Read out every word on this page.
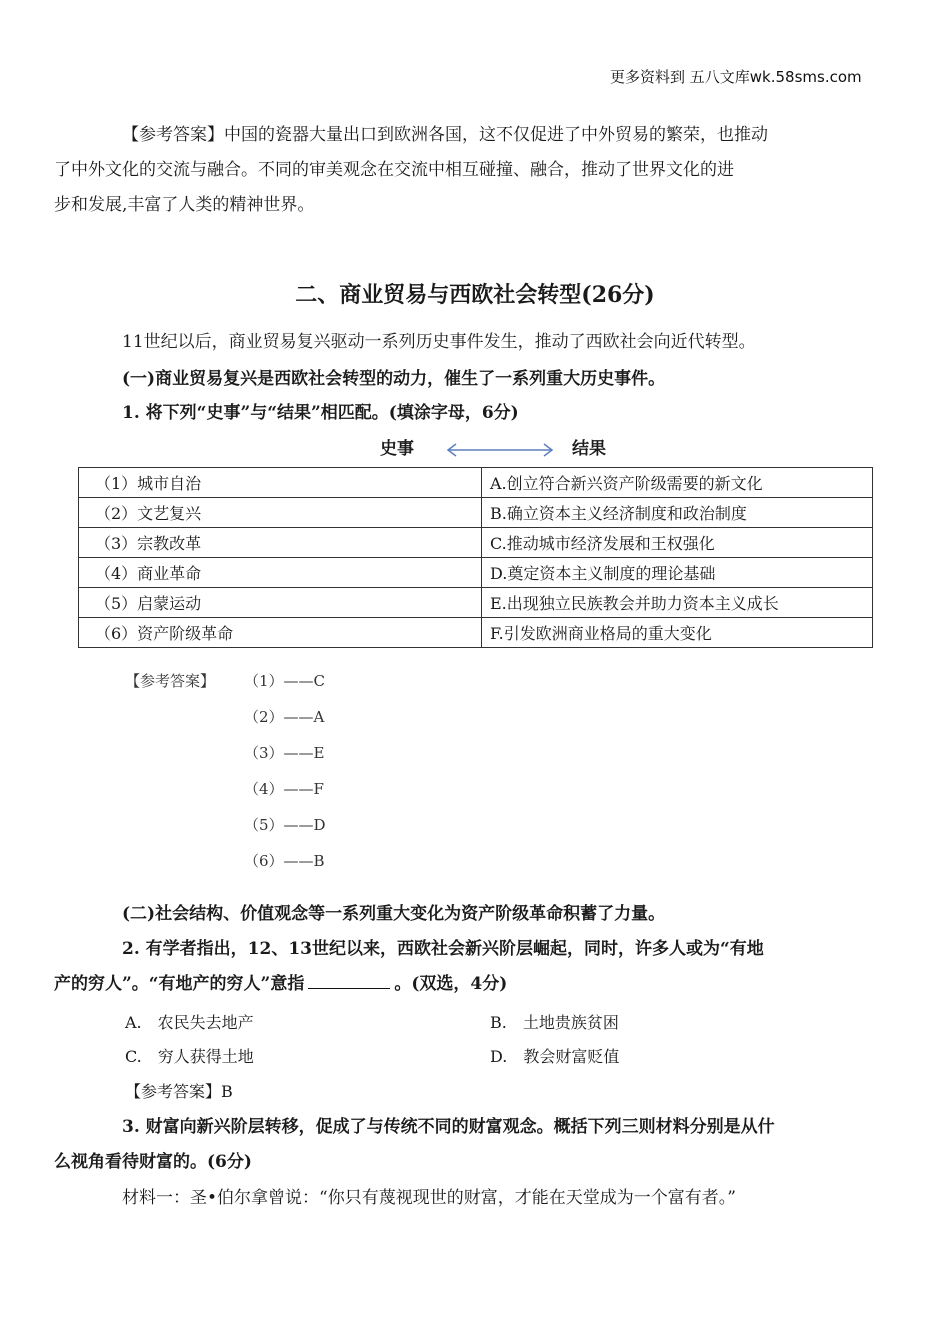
更多资料到 五八文库wk.58sms.com
【参考答案】中国的瓷器大量出口到欧洲各国，这不仅促进了中外贸易的繁荣，也推动
了中外文化的交流与融合。不同的审美观念在交流中相互碰撞、融合，推动了世界文化的进
步和发展,丰富了人类的精神世界。
二、商业贸易与西欧社会转型(26分)
11世纪以后，商业贸易复兴驱动一系列历史事件发生，推动了西欧社会向近代转型。
(一)商业贸易复兴是西欧社会转型的动力，催生了一系列重大历史事件。
1. 将下列“史事”与“结果”相匹配。(填涂字母，6分)
史事	结果
（1）城市自治	A.创立符合新兴资产阶级需要的新文化
（2）文艺复兴	B.确立资本主义经济制度和政治制度
（3）宗教改革	C.推动城市经济发展和王权强化
（4）商业革命	D.奠定资本主义制度的理论基础
（5）启蒙运动	E.出现独立民族教会并助力资本主义成长
（6）资产阶级革命	F.引发欧洲商业格局的重大变化
【参考答案】 （1）——C
（2）——A
（3）——E
（4）——F
（5）——D
（6）——B
(二)社会结构、价值观念等一系列重大变化为资产阶级革命积蓄了力量。
2. 有学者指出，12、13世纪以来，西欧社会新兴阶层崛起，同时，许多人或为“有地
产的穷人”。“有地产的穷人”意指	。(双选，4分)
A.　农民失去地产	B.　土地贵族贫困
C.　穷人获得土地	D.　教会财富贬值
【参考答案】B
3. 财富向新兴阶层转移，促成了与传统不同的财富观念。概括下列三则材料分别是从什
么视角看待财富的。(6分)
材料一：圣•伯尔拿曾说：“你只有蔑视现世的财富，才能在天堂成为一个富有者。”
